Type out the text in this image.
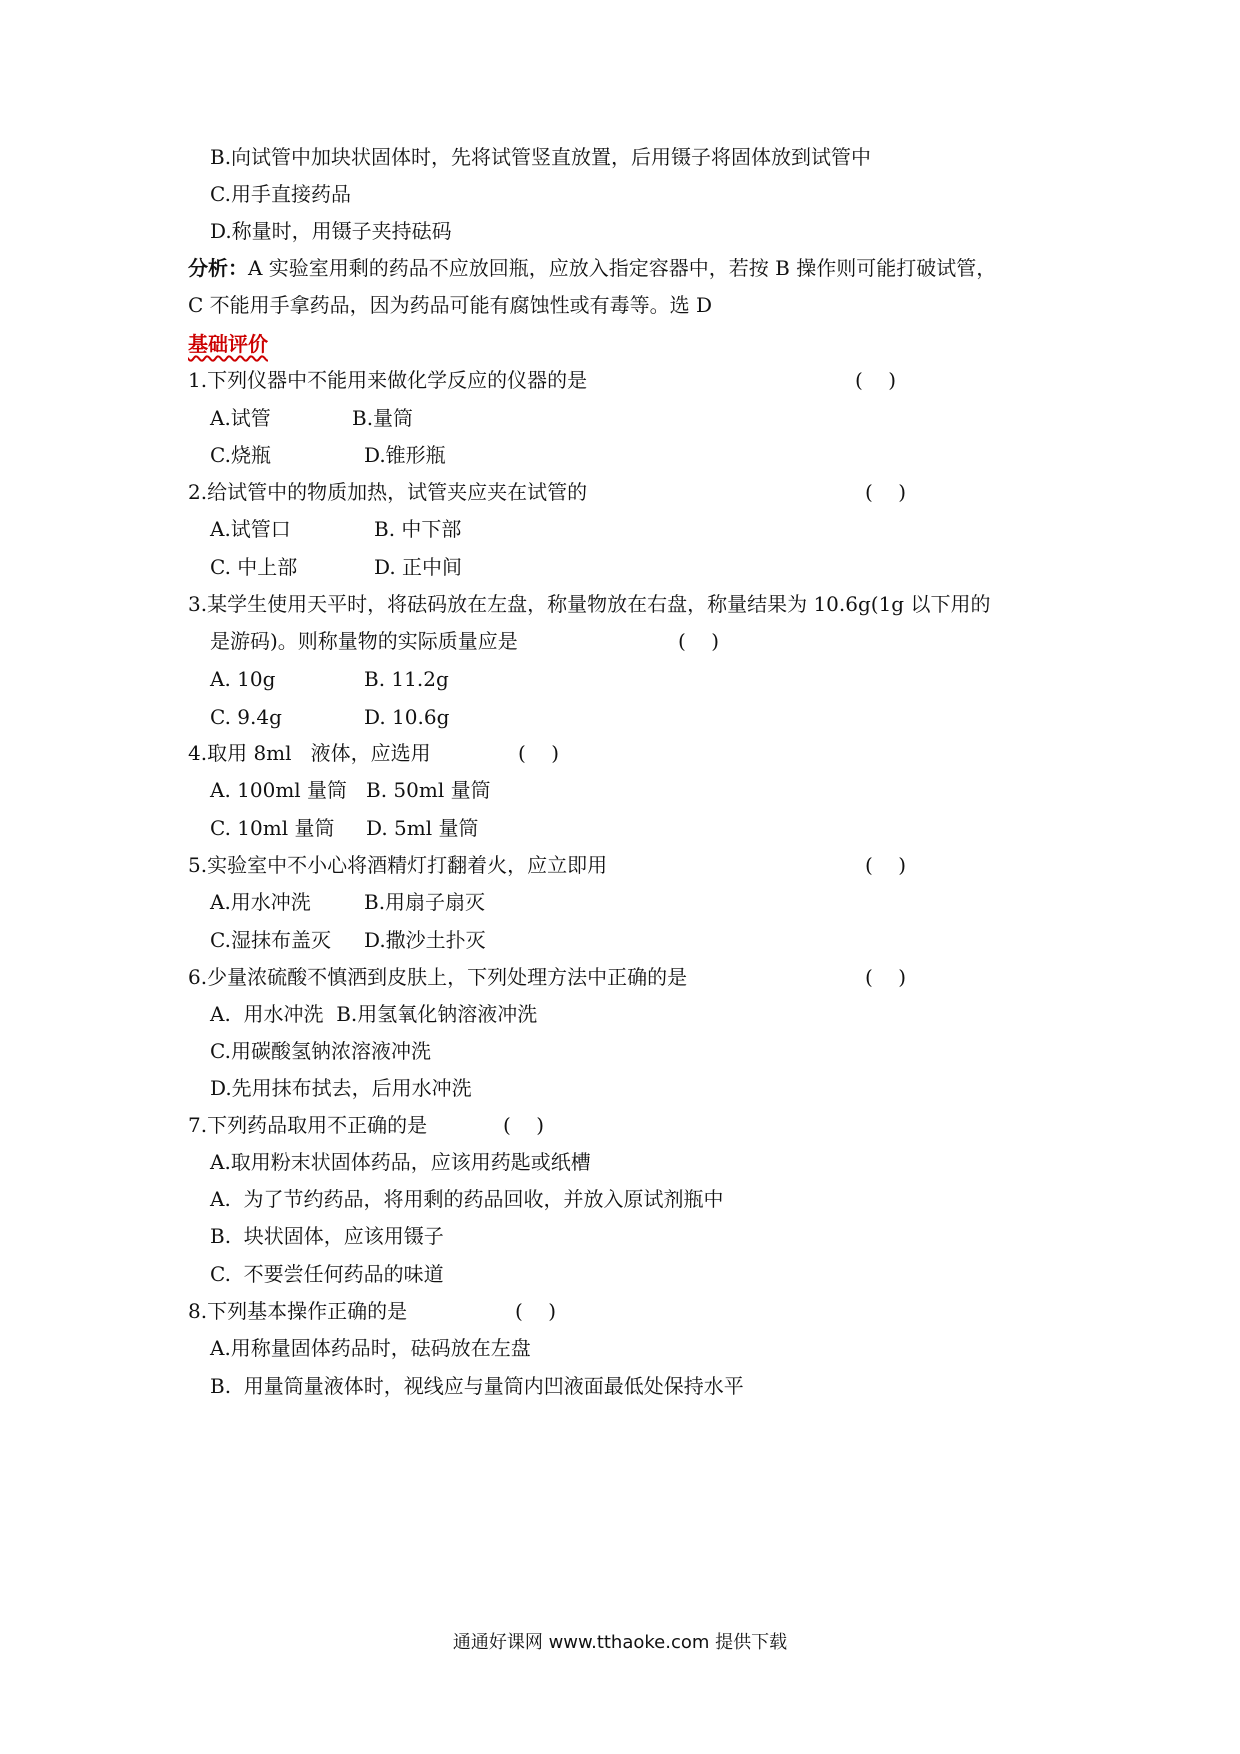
B.向试管中加块状固体时，先将试管竖直放置，后用镊子将固体放到试管中
C.用手直接药品
D.称量时，用镊子夹持砝码
分析：A 实验室用剩的药品不应放回瓶，应放入指定容器中，若按 B 操作则可能打破试管，
C 不能用手拿药品，因为药品可能有腐蚀性或有毒等。选 D
基础评价
1.下列仪器中不能用来做化学反应的仪器的是	(    )
A.试管	B.量筒
C.烧瓶	D.锥形瓶
2.给试管中的物质加热，试管夹应夹在试管的	(    )
A.试管口	B. 中下部
C. 中上部	D. 正中间
3.某学生使用天平时，将砝码放在左盘，称量物放在右盘，称量结果为 10.6g(1g 以下用的
是游码)。则称量物的实际质量应是	(    )
A. 10g	B. 11.2g
C. 9.4g	D. 10.6g
4.取用 8ml   液体，应选用	(    )
A. 100ml 量筒 B. 50ml 量筒
C. 10ml 量筒 D. 5ml 量筒
5.实验室中不小心将酒精灯打翻着火，应立即用	(    )
A.用水冲洗	B.用扇子扇灭
C.湿抹布盖灭 D.撒沙土扑灭
6.少量浓硫酸不慎洒到皮肤上，下列处理方法中正确的是	(    )
A.  用水冲洗  B.用氢氧化钠溶液冲洗
C.用碳酸氢钠浓溶液冲洗
D.先用抹布拭去，后用水冲洗
7.下列药品取用不正确的是	(    )
A.取用粉末状固体药品，应该用药匙或纸槽
A.  为了节约药品，将用剩的药品回收，并放入原试剂瓶中
B.  块状固体，应该用镊子
C.  不要尝任何药品的味道
8.下列基本操作正确的是	(    )
A.用称量固体药品时，砝码放在左盘
B.  用量筒量液体时，视线应与量筒内凹液面最低处保持水平
通通好课网 www.tthaoke.com 提供下载
